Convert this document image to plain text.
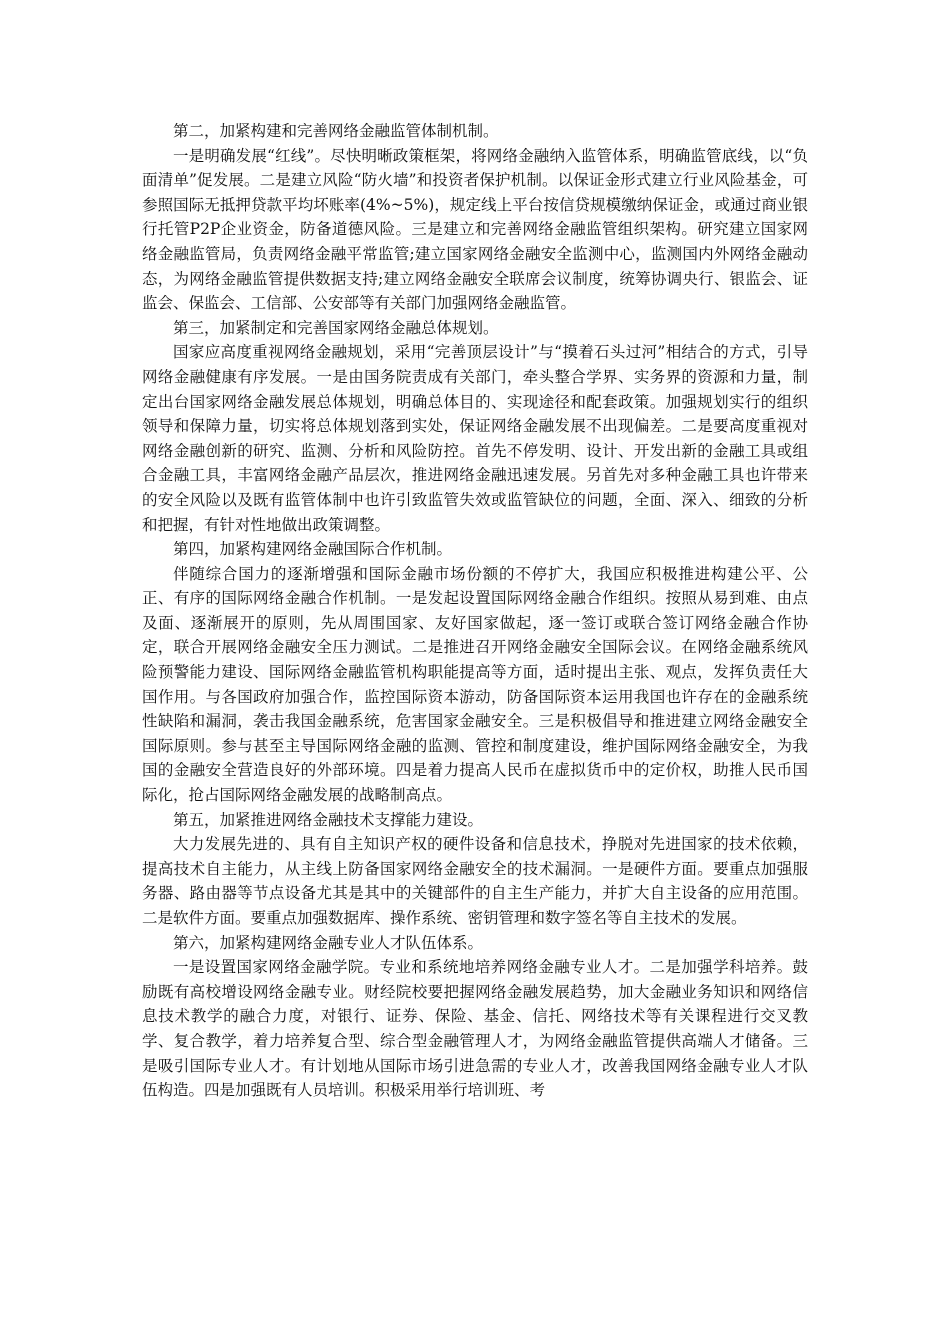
第二，加紧构建和完善网络金融监管体制机制。

一是明确发展“红线”。尽快明晰政策框架，将网络金融纳入监管体系，明确监管底线，以“负面清单”促发展。二是建立风险“防火墙”和投资者保护机制。以保证金形式建立行业风险基金，可参照国际无抵押贷款平均坏账率(4%~5%)，规定线上平台按信贷规模缴纳保证金，或通过商业银行托管P2P企业资金，防备道德风险。三是建立和完善网络金融监管组织架构。研究建立国家网络金融监管局，负责网络金融平常监管;建立国家网络金融安全监测中心，监测国内外网络金融动态，为网络金融监管提供数据支持;建立网络金融安全联席会议制度，统筹协调央行、银监会、证监会、保监会、工信部、公安部等有关部门加强网络金融监管。

第三，加紧制定和完善国家网络金融总体规划。

国家应高度重视网络金融规划，采用“完善顶层设计”与“摸着石头过河”相结合的方式，引导网络金融健康有序发展。一是由国务院责成有关部门，牵头整合学界、实务界的资源和力量，制定出台国家网络金融发展总体规划，明确总体目的、实现途径和配套政策。加强规划实行的组织领导和保障力量，切实将总体规划落到实处，保证网络金融发展不出现偏差。二是要高度重视对网络金融创新的研究、监测、分析和风险防控。首先不停发明、设计、开发出新的金融工具或组合金融工具，丰富网络金融产品层次，推进网络金融迅速发展。另首先对多种金融工具也许带来的安全风险以及既有监管体制中也许引致监管失效或监管缺位的问题，全面、深入、细致的分析和把握，有针对性地做出政策调整。

第四，加紧构建网络金融国际合作机制。

伴随综合国力的逐渐增强和国际金融市场份额的不停扩大，我国应积极推进构建公平、公正、有序的国际网络金融合作机制。一是发起设置国际网络金融合作组织。按照从易到难、由点及面、逐渐展开的原则，先从周围国家、友好国家做起，逐一签订或联合签订网络金融合作协定，联合开展网络金融安全压力测试。二是推进召开网络金融安全国际会议。在网络金融系统风险预警能力建设、国际网络金融监管机构职能提高等方面，适时提出主张、观点，发挥负责任大国作用。与各国政府加强合作，监控国际资本游动，防备国际资本运用我国也许存在的金融系统性缺陷和漏洞，袭击我国金融系统，危害国家金融安全。三是积极倡导和推进建立网络金融安全国际原则。参与甚至主导国际网络金融的监测、管控和制度建设，维护国际网络金融安全，为我国的金融安全营造良好的外部环境。四是着力提高人民币在虚拟货币中的定价权，助推人民币国际化，抢占国际网络金融发展的战略制高点。

第五，加紧推进网络金融技术支撑能力建设。

大力发展先进的、具有自主知识产权的硬件设备和信息技术，挣脱对先进国家的技术依赖，提高技术自主能力，从主线上防备国家网络金融安全的技术漏洞。一是硬件方面。要重点加强服务器、路由器等节点设备尤其是其中的关键部件的自主生产能力，并扩大自主设备的应用范围。二是软件方面。要重点加强数据库、操作系统、密钥管理和数字签名等自主技术的发展。

第六，加紧构建网络金融专业人才队伍体系。

一是设置国家网络金融学院。专业和系统地培养网络金融专业人才。二是加强学科培养。鼓励既有高校增设网络金融专业。财经院校要把握网络金融发展趋势，加大金融业务知识和网络信息技术教学的融合力度，对银行、证券、保险、基金、信托、网络技术等有关课程进行交叉教学、复合教学，着力培养复合型、综合型金融管理人才，为网络金融监管提供高端人才储备。三是吸引国际专业人才。有计划地从国际市场引进急需的专业人才，改善我国网络金融专业人才队伍构造。四是加强既有人员培训。积极采用举行培训班、考
